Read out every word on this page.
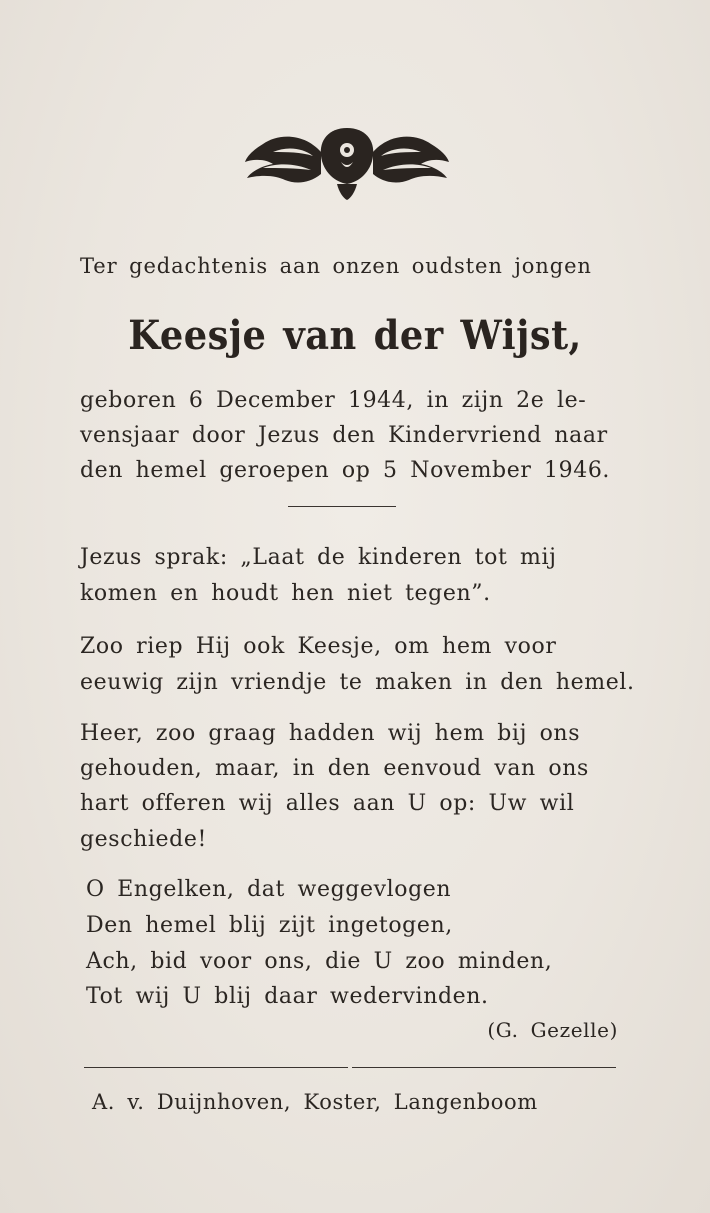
Ter gedachtenis aan onzen oudsten jongen
Keesje van der Wijst,
geboren 6 December 1944, in zijn 2e le-
vensjaar door Jezus den Kindervriend naar
den hemel geroepen op 5 November 1946.
Jezus sprak: „Laat de kinderen tot mij
komen en houdt hen niet tegen”.
Zoo riep Hij ook Keesje, om hem voor
eeuwig zijn vriendje te maken in den hemel.
Heer, zoo graag hadden wij hem bij ons
gehouden, maar, in den eenvoud van ons
hart offeren wij alles aan U op: Uw wil
geschiede!
O Engelken, dat weggevlogen
Den hemel blij zijt ingetogen,
Ach, bid voor ons, die U zoo minden,
Tot wij U blij daar wedervinden.
(G. Gezelle)
A. v. Duijnhoven, Koster, Langenboom
